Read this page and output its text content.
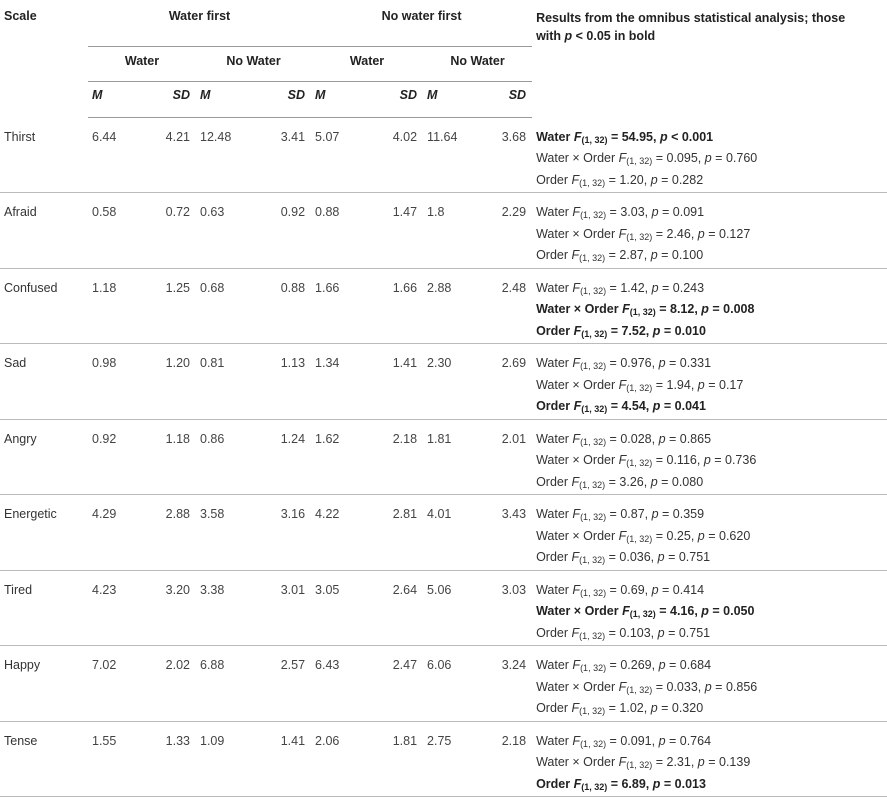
Scale	Water first				No water first				Results from the omnibus statistical analysis; those
with p < 0.05 in bold

	Water		No Water		Water		No Water		

	M	SD	M	SD	M	SD	M	SD	
Thirst	6.44	4.21	12.48	3.41	5.07	4.02	11.64	3.68	Water $F_{(1, 32)} = 54.95$, p < 0.001
Water × Order $F_{(1, 32)} = 0.095$, p = 0.760
Order $F_{(1, 32)} = 1.20$, p = 0.282

Afraid	0.58	0.72	0.63	0.92	0.88	1.47	1.8	2.29	Water $F_{(1, 32)} = 3.03$, p = 0.091
Water × Order $F_{(1, 32)} = 2.46$, p = 0.127
Order $F_{(1, 32)} = 2.87$, p = 0.100

Confused	1.18	1.25	0.68	0.88	1.66	1.66	2.88	2.48	Water $F_{(1, 32)} = 1.42$, p = 0.243
Water × Order $F_{(1, 32)} = 8.12$, p = 0.008
Order $F_{(1, 32)} = 7.52$, p = 0.010

Sad	0.98	1.20	0.81	1.13	1.34	1.41	2.30	2.69	Water $F_{(1, 32)} = 0.976$, p = 0.331
Water × Order $F_{(1, 32)} = 1.94$, p = 0.17
Order $F_{(1, 32)} = 4.54$, p = 0.041

Angry	0.92	1.18	0.86	1.24	1.62	2.18	1.81	2.01	Water $F_{(1, 32)} = 0.028$, p = 0.865
Water × Order $F_{(1, 32)} = 0.116$, p = 0.736
Order $F_{(1, 32)} = 3.26$, p = 0.080

Energetic	4.29	2.88	3.58	3.16	4.22	2.81	4.01	3.43	Water $F_{(1, 32)} = 0.87$, p = 0.359
Water × Order $F_{(1, 32)} = 0.25$, p = 0.620
Order $F_{(1, 32)} = 0.036$, p = 0.751

Tired	4.23	3.20	3.38	3.01	3.05	2.64	5.06	3.03	Water $F_{(1, 32)} = 0.69$, p = 0.414
Water × Order $F_{(1, 32)} = 4.16$, p = 0.050
Order $F_{(1, 32)} = 0.103$, p = 0.751

Happy	7.02	2.02	6.88	2.57	6.43	2.47	6.06	3.24	Water $F_{(1, 32)} = 0.269$, p = 0.684
Water × Order $F_{(1, 32)} = 0.033$, p = 0.856
Order $F_{(1, 32)} = 1.02$, p = 0.320

Tense	1.55	1.33	1.09	1.41	2.06	1.81	2.75	2.18	Water $F_{(1, 32)} = 0.091$, p = 0.764
Water × Order $F_{(1, 32)} = 2.31$, p = 0.139
Order $F_{(1, 32)} = 6.89$, p = 0.013
